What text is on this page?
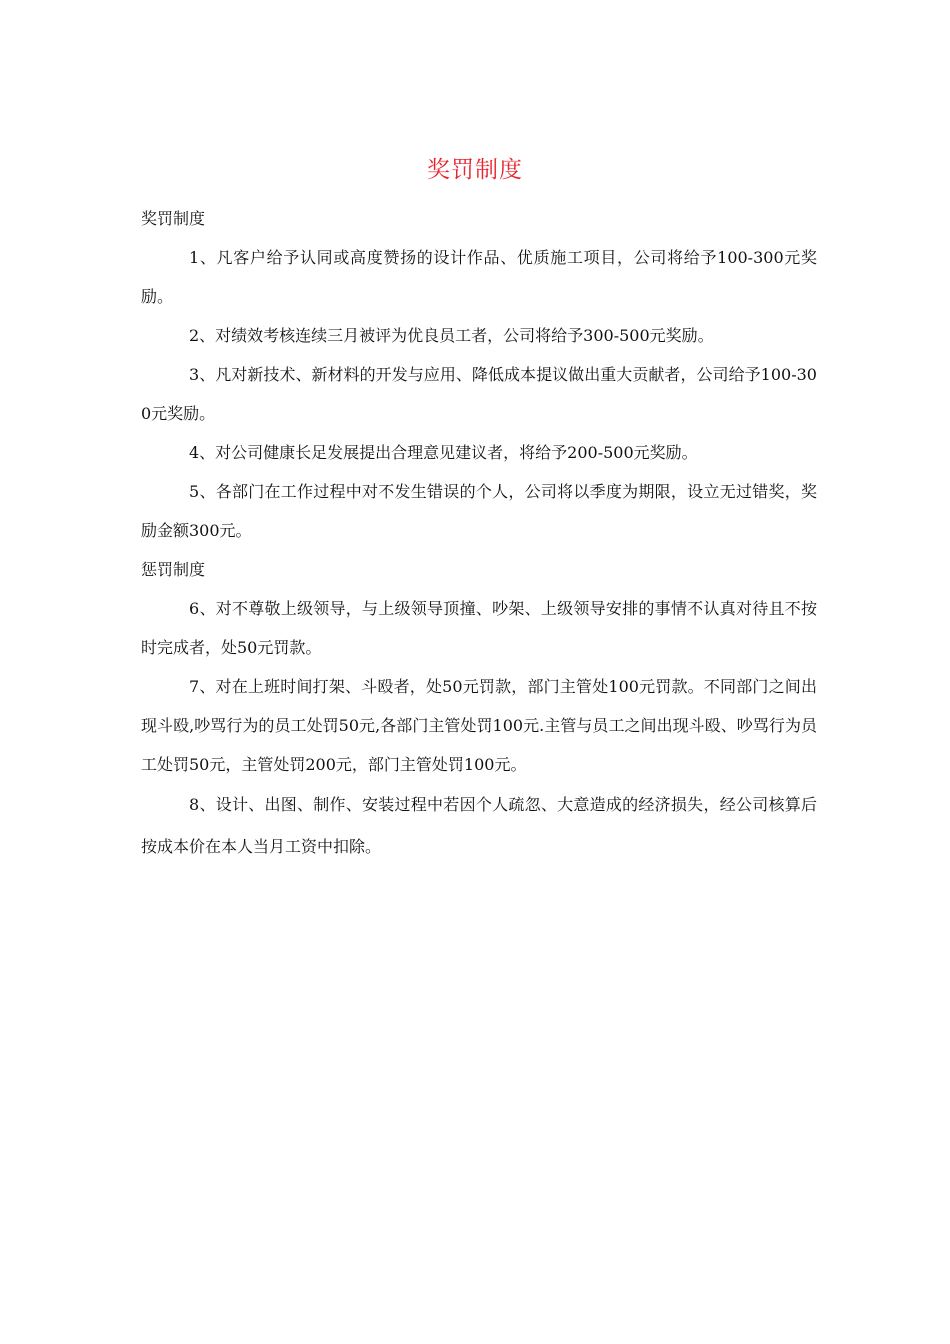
奖罚制度
奖罚制度

1、凡客户给予认同或高度赞扬的设计作品、优质施工项目，公司将给予100-300元奖励。

2、对绩效考核连续三月被评为优良员工者，公司将给予300-500元奖励。

3、凡对新技术、新材料的开发与应用、降低成本提议做出重大贡献者，公司给予100-300元奖励。

4、对公司健康长足发展提出合理意见建议者，将给予200-500元奖励。

5、各部门在工作过程中对不发生错误的个人，公司将以季度为期限，设立无过错奖，奖励金额300元。

惩罚制度

6、对不尊敬上级领导，与上级领导顶撞、吵架、上级领导安排的事情不认真对待且不按时完成者，处50元罚款。

7、对在上班时间打架、斗殴者，处50元罚款，部门主管处100元罚款。不同部门之间出现斗殴,吵骂行为的员工处罚50元,各部门主管处罚100元.主管与员工之间出现斗殴、吵骂行为员工处罚50元，主管处罚200元，部门主管处罚100元。

8、设计、出图、制作、安装过程中若因个人疏忽、大意造成的经济损失，经公司核算后按成本价在本人当月工资中扣除。
